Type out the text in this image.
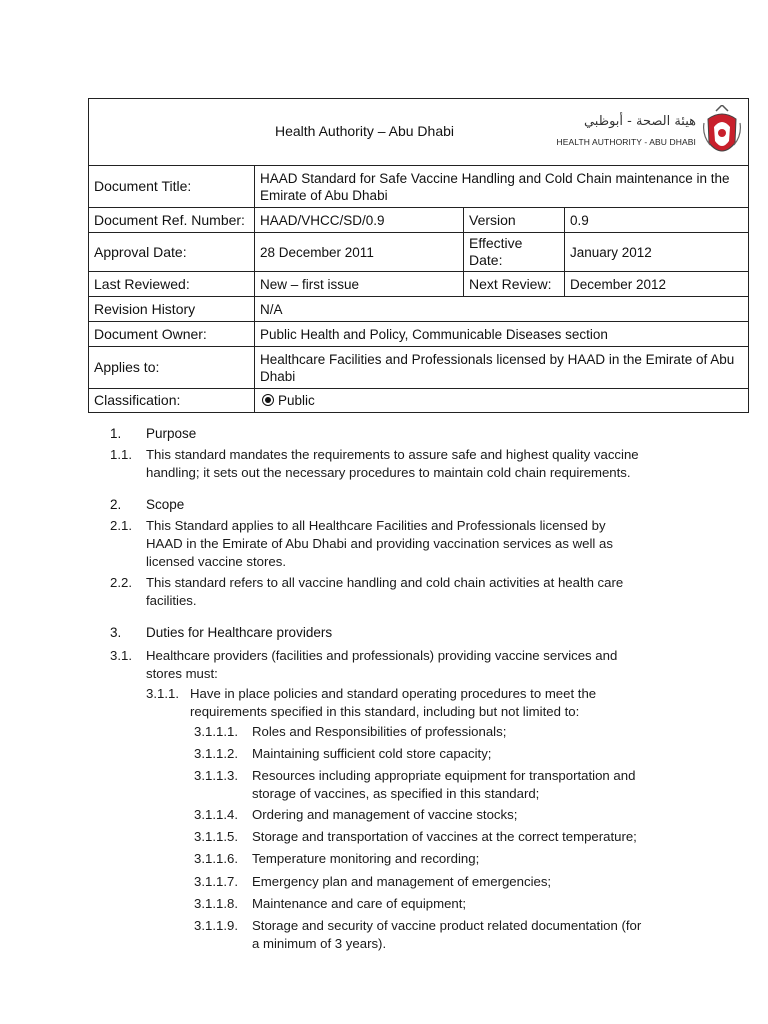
Health Authority – Abu Dhabi
هيئة الصحة - أبوظبي
HEALTH AUTHORITY - ABU DHABI			

Document Title:	HAAD Standard for Safe Vaccine Handling and Cold Chain maintenance in the Emirate of Abu Dhabi		
Document Ref. Number:	HAAD/VHCC/SD/0.9	Version	0.9
Approval Date:	28 December 2011	Effective Date:	January 2012
Last Reviewed:	New – first issue	Next Review:	December 2012
Revision History	N/A		
Document Owner:	Public Health and Policy, Communicable Diseases section		
Applies to:	Healthcare Facilities and Professionals licensed by HAAD in the Emirate of Abu Dhabi		
Classification:	Public		
1. Purpose
1.1.	This standard mandates the requirements to assure safe and highest quality vaccine handling; it sets out the necessary procedures to maintain cold chain requirements.
2. Scope
2.1.	This Standard applies to all Healthcare Facilities and Professionals licensed by HAAD in the Emirate of Abu Dhabi and providing vaccination services as well as licensed vaccine stores.
2.2.	This standard refers to all vaccine handling and cold chain activities at health care facilities.
3. Duties for Healthcare providers
3.1.	Healthcare providers (facilities and professionals) providing vaccine services and stores must:
3.1.1. Have in place policies and standard operating procedures to meet the requirements specified in this standard, including but not limited to:
3.1.1.1.	Roles and Responsibilities of professionals;
3.1.1.2.	Maintaining sufficient cold store capacity;
3.1.1.3.	Resources including appropriate equipment for transportation and storage of vaccines, as specified in this standard;
3.1.1.4.	Ordering and management of vaccine stocks;
3.1.1.5.	Storage and transportation of vaccines at the correct temperature;
3.1.1.6.	Temperature monitoring and recording;
3.1.1.7.	Emergency plan and management of emergencies;
3.1.1.8.	Maintenance and care of equipment;
3.1.1.9.	Storage and security of vaccine product related documentation (for a minimum of 3 years).
